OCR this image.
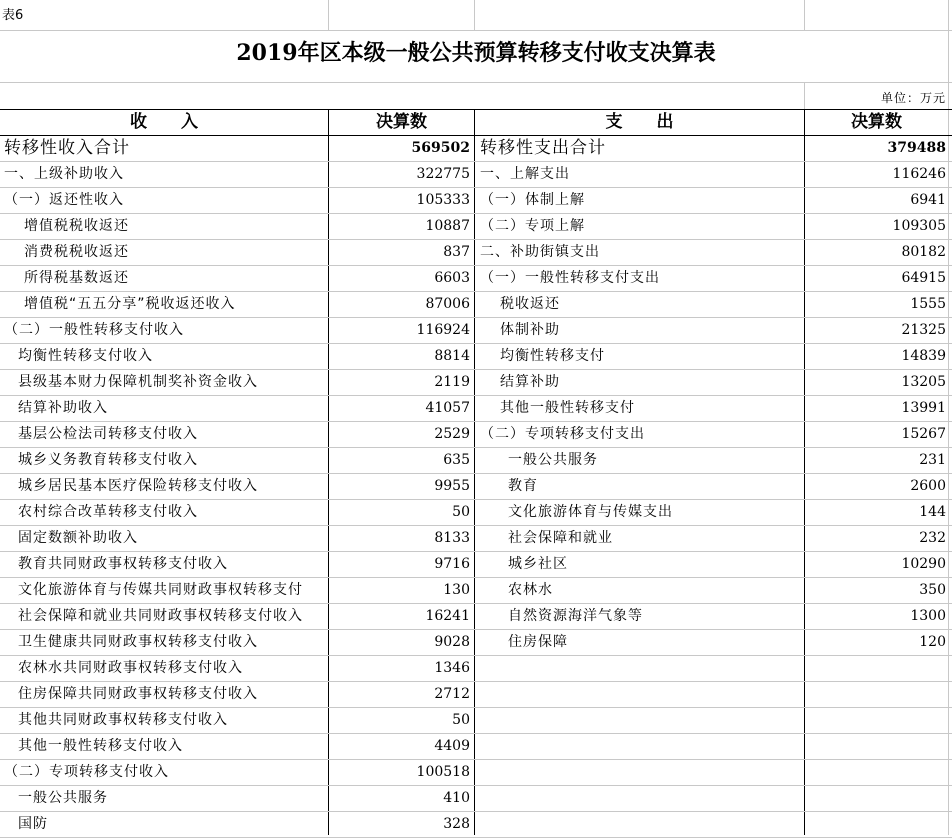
表6
2019年区本级一般公共预算转移支付收支决算表
单位：万元
收　　入	决算数	支　　出	决算数
转移性收入合计	569502 转移性支出合计	379488
一、上级补助收入	322775 一、上解支出	116246
（一）返还性收入	105333 （一）体制上解	6941
增值税税收返还	10887 （二）专项上解	109305
消费税税收返还	837 二、补助街镇支出	80182
所得税基数返还	6603 （一）一般性转移支付支出	64915
增值税“五五分享”税收返还收入	87006	税收返还	1555
（二）一般性转移支付收入	116924	体制补助	21325
均衡性转移支付收入	8814	均衡性转移支付	14839
县级基本财力保障机制奖补资金收入	2119	结算补助	13205
结算补助收入	41057	其他一般性转移支付	13991
基层公检法司转移支付收入	2529 （二）专项转移支付支出	15267
城乡义务教育转移支付收入	635	一般公共服务	231
城乡居民基本医疗保险转移支付收入	9955	教育	2600
农村综合改革转移支付收入	50	文化旅游体育与传媒支出	144
固定数额补助收入	8133	社会保障和就业	232
教育共同财政事权转移支付收入	9716	城乡社区	10290
文化旅游体育与传媒共同财政事权转移支付	130	农林水	350
社会保障和就业共同财政事权转移支付收入	16241	自然资源海洋气象等	1300
卫生健康共同财政事权转移支付收入	9028	住房保障	120
农林水共同财政事权转移支付收入	1346
住房保障共同财政事权转移支付收入	2712
其他共同财政事权转移支付收入	50
其他一般性转移支付收入	4409
（二）专项转移支付收入	100518
一般公共服务	410
国防	328
